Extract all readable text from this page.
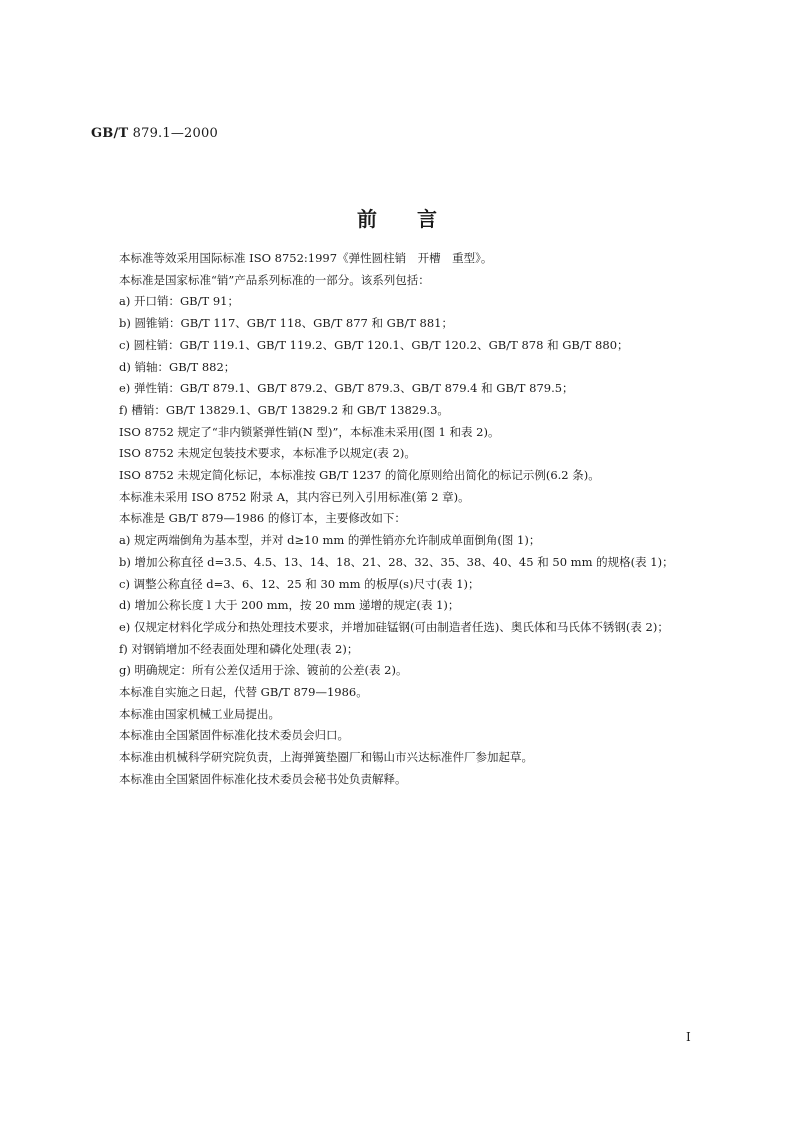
GB/T 879.1—2000
前言

本标准等效采用国际标准 ISO 8752:1997《弹性圆柱销　开槽　重型》。

本标准是国家标准“销”产品系列标准的一部分。该系列包括：

a) 开口销：GB/T 91；

b) 圆锥销：GB/T 117、GB/T 118、GB/T 877 和 GB/T 881；

c) 圆柱销：GB/T 119.1、GB/T 119.2、GB/T 120.1、GB/T 120.2、GB/T 878 和 GB/T 880；

d) 销轴：GB/T 882；

e) 弹性销：GB/T 879.1、GB/T 879.2、GB/T 879.3、GB/T 879.4 和 GB/T 879.5；

f) 槽销：GB/T 13829.1、GB/T 13829.2 和 GB/T 13829.3。

ISO 8752 规定了“非内锁紧弹性销(N 型)”，本标准未采用(图 1 和表 2)。

ISO 8752 未规定包装技术要求，本标准予以规定(表 2)。

ISO 8752 未规定简化标记，本标准按 GB/T 1237 的简化原则给出简化的标记示例(6.2 条)。

本标准未采用 ISO 8752 附录 A，其内容已列入引用标准(第 2 章)。

本标准是 GB/T 879—1986 的修订本，主要修改如下：

a) 规定两端倒角为基本型，并对 d≥10 mm 的弹性销亦允许制成单面倒角(图 1)；

b) 增加公称直径 d=3.5、4.5、13、14、18、21、28、32、35、38、40、45 和 50 mm 的规格(表 1)；

c) 调整公称直径 d=3、6、12、25 和 30 mm 的板厚(s)尺寸(表 1)；

d) 增加公称长度 l 大于 200 mm，按 20 mm 递增的规定(表 1)；

e) 仅规定材料化学成分和热处理技术要求，并增加硅锰钢(可由制造者任选)、奥氏体和马氏体不锈钢(表 2)；

f) 对钢销增加不经表面处理和磷化处理(表 2)；

g) 明确规定：所有公差仅适用于涂、镀前的公差(表 2)。

本标准自实施之日起，代替 GB/T 879—1986。

本标准由国家机械工业局提出。

本标准由全国紧固件标准化技术委员会归口。

本标准由机械科学研究院负责，上海弹簧垫圈厂和锡山市兴达标准件厂参加起草。

本标准由全国紧固件标准化技术委员会秘书处负责解释。

I
